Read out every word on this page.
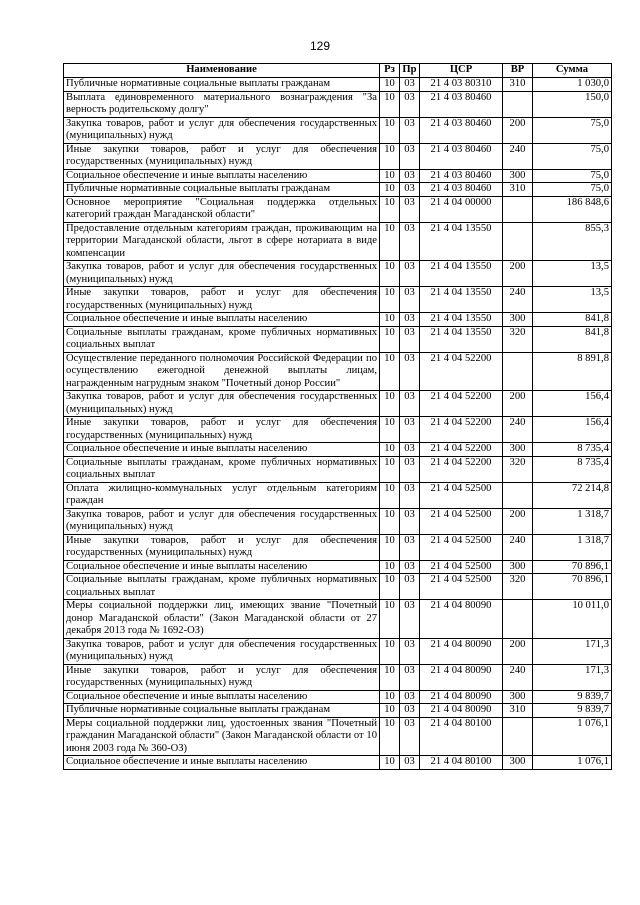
129
Наименование	Рз	Пр	ЦСР	ВР	Сумма
Публичные нормативные социальные выплаты гражданам	10	03	21 4 03 80310	310	1 030,0
Выплата единовременного материального вознаграждения "За верность родительскому долгу"	10	03	21 4 03 80460		150,0
Закупка товаров, работ и услуг для обеспечения государственных (муниципальных) нужд	10	03	21 4 03 80460	200	75,0
Иные закупки товаров, работ и услуг для обеспечения государственных (муниципальных) нужд	10	03	21 4 03 80460	240	75,0
Социальное обеспечение и иные выплаты населению	10	03	21 4 03 80460	300	75,0
Публичные нормативные социальные выплаты гражданам	10	03	21 4 03 80460	310	75,0
Основное мероприятие "Социальная поддержка отдельных категорий граждан Магаданской области"	10	03	21 4 04 00000		186 848,6
Предоставление отдельным категориям граждан, проживающим на территории Магаданской области, льгот в сфере нотариата в виде компенсации	10	03	21 4 04 13550		855,3
Закупка товаров, работ и услуг для обеспечения государственных (муниципальных) нужд	10	03	21 4 04 13550	200	13,5
Иные закупки товаров, работ и услуг для обеспечения государственных (муниципальных) нужд	10	03	21 4 04 13550	240	13,5
Социальное обеспечение и иные выплаты населению	10	03	21 4 04 13550	300	841,8
Социальные выплаты гражданам, кроме публичных нормативных социальных выплат	10	03	21 4 04 13550	320	841,8
Осуществление переданного полномочия Российской Федерации по осуществлению ежегодной денежной выплаты лицам, награжденным нагрудным знаком "Почетный донор России"	10	03	21 4 04 52200		8 891,8
Закупка товаров, работ и услуг для обеспечения государственных (муниципальных) нужд	10	03	21 4 04 52200	200	156,4
Иные закупки товаров, работ и услуг для обеспечения государственных (муниципальных) нужд	10	03	21 4 04 52200	240	156,4
Социальное обеспечение и иные выплаты населению	10	03	21 4 04 52200	300	8 735,4
Социальные выплаты гражданам, кроме публичных нормативных социальных выплат	10	03	21 4 04 52200	320	8 735,4
Оплата жилищно-коммунальных услуг отдельным категориям граждан	10	03	21 4 04 52500		72 214,8
Закупка товаров, работ и услуг для обеспечения государственных (муниципальных) нужд	10	03	21 4 04 52500	200	1 318,7
Иные закупки товаров, работ и услуг для обеспечения государственных (муниципальных) нужд	10	03	21 4 04 52500	240	1 318,7
Социальное обеспечение и иные выплаты населению	10	03	21 4 04 52500	300	70 896,1
Социальные выплаты гражданам, кроме публичных нормативных социальных выплат	10	03	21 4 04 52500	320	70 896,1
Меры социальной поддержки лиц, имеющих звание "Почетный донор Магаданской области" (Закон Магаданской области от 27 декабря 2013 года № 1692-ОЗ)	10	03	21 4 04 80090		10 011,0
Закупка товаров, работ и услуг для обеспечения государственных (муниципальных) нужд	10	03	21 4 04 80090	200	171,3
Иные закупки товаров, работ и услуг для обеспечения государственных (муниципальных) нужд	10	03	21 4 04 80090	240	171,3
Социальное обеспечение и иные выплаты населению	10	03	21 4 04 80090	300	9 839,7
Публичные нормативные социальные выплаты гражданам	10	03	21 4 04 80090	310	9 839,7
Меры социальной поддержки лиц, удостоенных звания "Почетный гражданин Магаданской области" (Закон Магаданской области от 10 июня 2003 года № 360-ОЗ)	10	03	21 4 04 80100		1 076,1
Социальное обеспечение и иные выплаты населению	10	03	21 4 04 80100	300	1 076,1
